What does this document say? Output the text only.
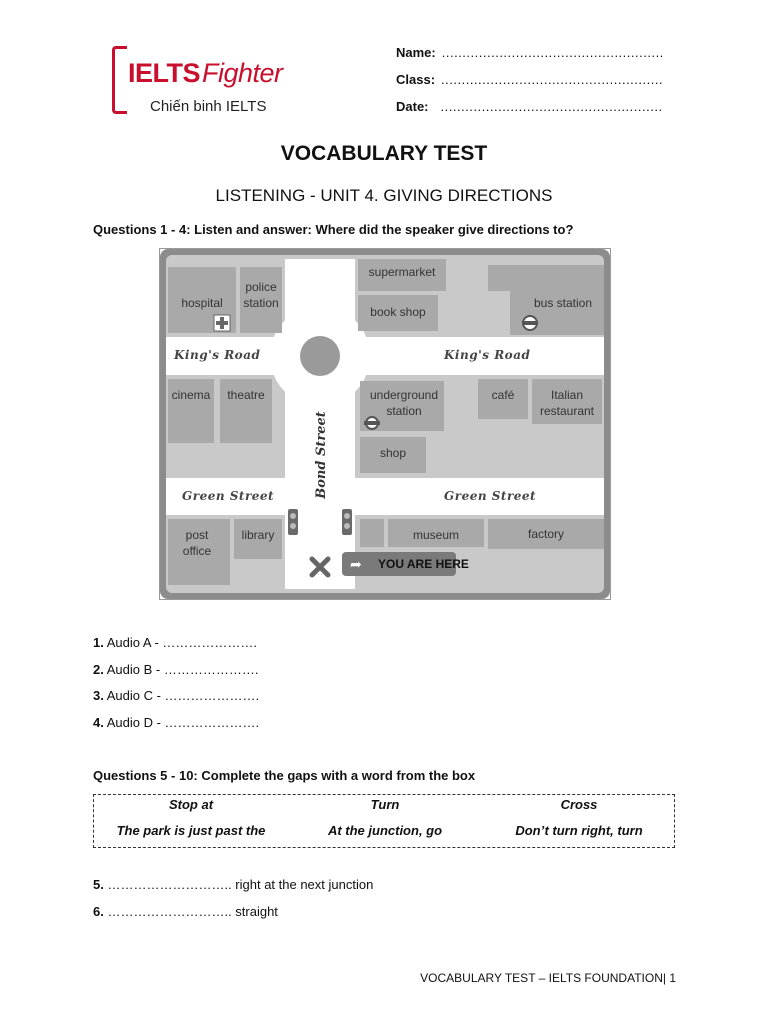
IELTSFighter
Chiến binh IELTS
Name: ......................................................
Class: ......................................................
Date: ......................................................
VOCABULARY TEST
LISTENING - UNIT 4. GIVING DIRECTIONS
Questions 1 - 4: Listen and answer: Where did the speaker give directions to?
hospital
police station
supermarket
book shop
bus station
cinema	theatre	underground station
café	Italian restaurant
shop
post office
library	museum	factory
King's Road	King's Road
Green Street	Green Street
Bond Street
➦ YOU ARE HERE
1. Audio A - ………………….
2. Audio B - ………………….
3. Audio C - ………………….
4. Audio D - ………………….
Questions 5 - 10: Complete the gaps with a word from the box
Stop at	Turn	Cross
The park is just past the	At the junction, go	Don’t turn right, turn
5. ……………………….. right at the next junction
6. ……………………….. straight
VOCABULARY TEST – IELTS FOUNDATION| 1
